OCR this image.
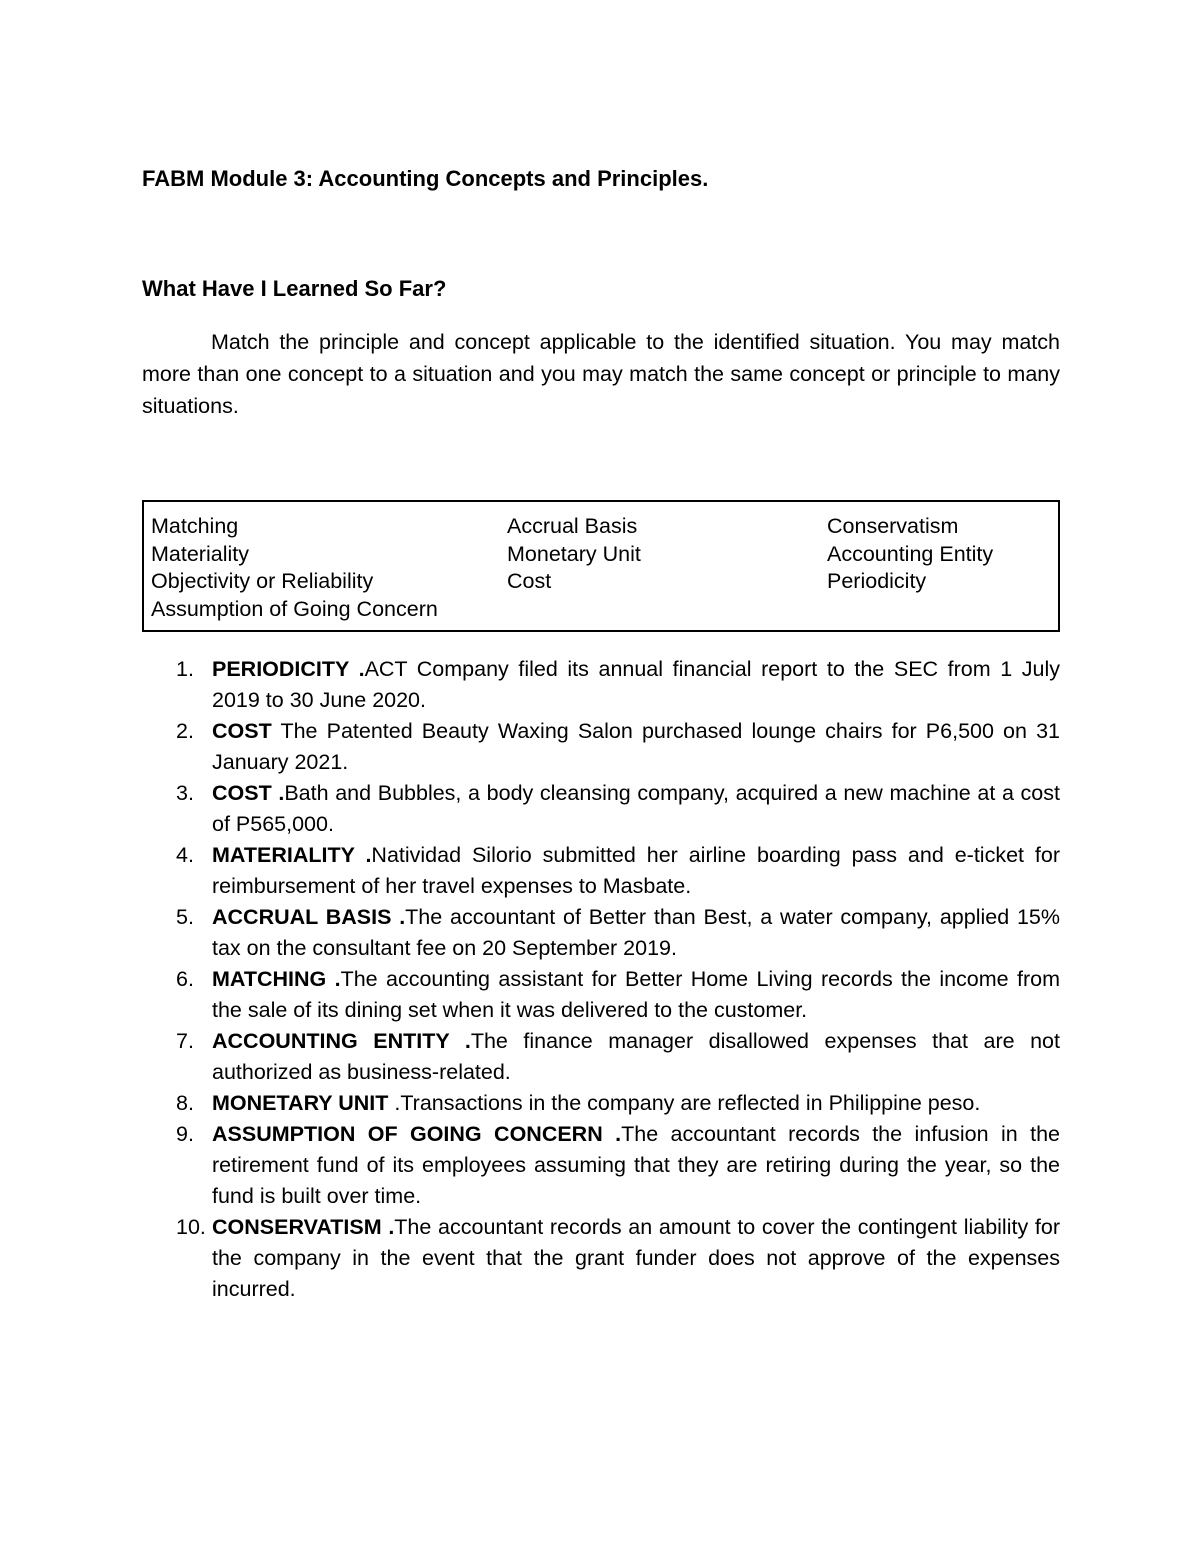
FABM Module 3: Accounting Concepts and Principles.
What Have I Learned So Far?

Match the principle and concept applicable to the identified situation. You may match more than one concept to a situation and you may match the same concept or principle to many situations.

Matching
Materiality
Objectivity or Reliability
Assumption of Going Concern
Accrual Basis
Monetary Unit
Cost
Conservatism
Accounting Entity
Periodicity
1. PERIODICITY .ACT Company filed its annual financial report to the SEC from 1 July 2019 to 30 June 2020.
2. COST The Patented Beauty Waxing Salon purchased lounge chairs for P6,500 on 31 January 2021.
3. COST .Bath and Bubbles, a body cleansing company, acquired a new machine at a cost of P565,000.
4. MATERIALITY .Natividad Silorio submitted her airline boarding pass and e-ticket for reimbursement of her travel expenses to Masbate.
5. ACCRUAL BASIS .The accountant of Better than Best, a water company, applied 15% tax on the consultant fee on 20 September 2019.
6. MATCHING .The accounting assistant for Better Home Living records the income from the sale of its dining set when it was delivered to the customer.
7. ACCOUNTING ENTITY .The finance manager disallowed expenses that are not authorized as business-related.
8. MONETARY UNIT .Transactions in the company are reflected in Philippine peso.
9. ASSUMPTION OF GOING CONCERN .The accountant records the infusion in the retirement fund of its employees assuming that they are retiring during the year, so the fund is built over time.
10. CONSERVATISM .The accountant records an amount to cover the contingent liability for the company in the event that the grant funder does not approve of the expenses incurred.
